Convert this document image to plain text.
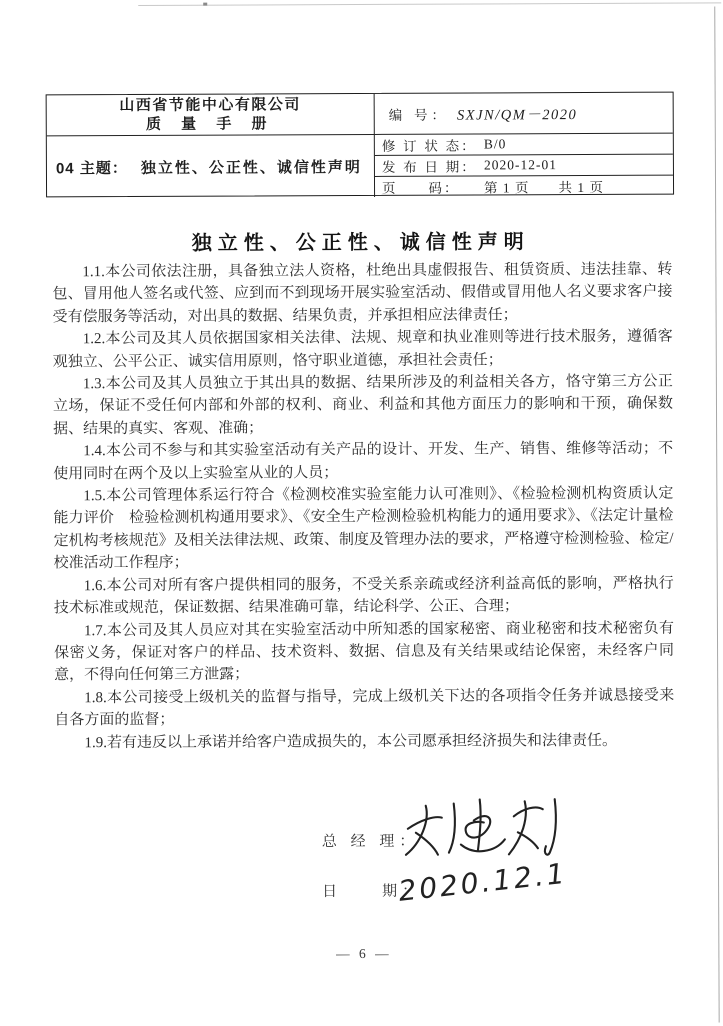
山西省节能中心有限公司
质 量 手 册	编 号： SXJN/QM－2020
04 主题： 独立性、公正性、诚信性声明
修 订 状 态： B/0
发 布 日 期： 2020-12-01
页　　码：	第 1 页　　共 1 页
独立性、公正性、诚信性声明

1.1.本公司依法注册，具备独立法人资格，杜绝出具虚假报告、租赁资质、违法挂靠、转包、冒用他人签名或代签、应到而不到现场开展实验室活动、假借或冒用他人名义要求客户接受有偿服务等活动，对出具的数据、结果负责，并承担相应法律责任；

1.2.本公司及其人员依据国家相关法律、法规、规章和执业准则等进行技术服务，遵循客观独立、公平公正、诚实信用原则，恪守职业道德，承担社会责任；

1.3.本公司及其人员独立于其出具的数据、结果所涉及的利益相关各方，恪守第三方公正立场，保证不受任何内部和外部的权利、商业、利益和其他方面压力的影响和干预，确保数据、结果的真实、客观、准确；

1.4.本公司不参与和其实验室活动有关产品的设计、开发、生产、销售、维修等活动；不使用同时在两个及以上实验室从业的人员；

1.5.本公司管理体系运行符合《检测校准实验室能力认可准则》、《检验检测机构资质认定能力评价　检验检测机构通用要求》、《安全生产检测检验机构能力的通用要求》、《法定计量检定机构考核规范》及相关法律法规、政策、制度及管理办法的要求，严格遵守检测检验、检定/校准活动工作程序；

1.6.本公司对所有客户提供相同的服务，不受关系亲疏或经济利益高低的影响，严格执行技术标准或规范，保证数据、结果准确可靠，结论科学、公正、合理；

1.7.本公司及其人员应对其在实验室活动中所知悉的国家秘密、商业秘密和技术秘密负有保密义务，保证对客户的样品、技术资料、数据、信息及有关结果或结论保密，未经客户同意，不得向任何第三方泄露；

1.8.本公司接受上级机关的监督与指导，完成上级机关下达的各项指令任务并诚恳接受来自各方面的监督；

1.9.若有违反以上承诺并给客户造成损失的，本公司愿承担经济损失和法律责任。

总 经 理：
日　　期：
2020.12.1
— 6 —
